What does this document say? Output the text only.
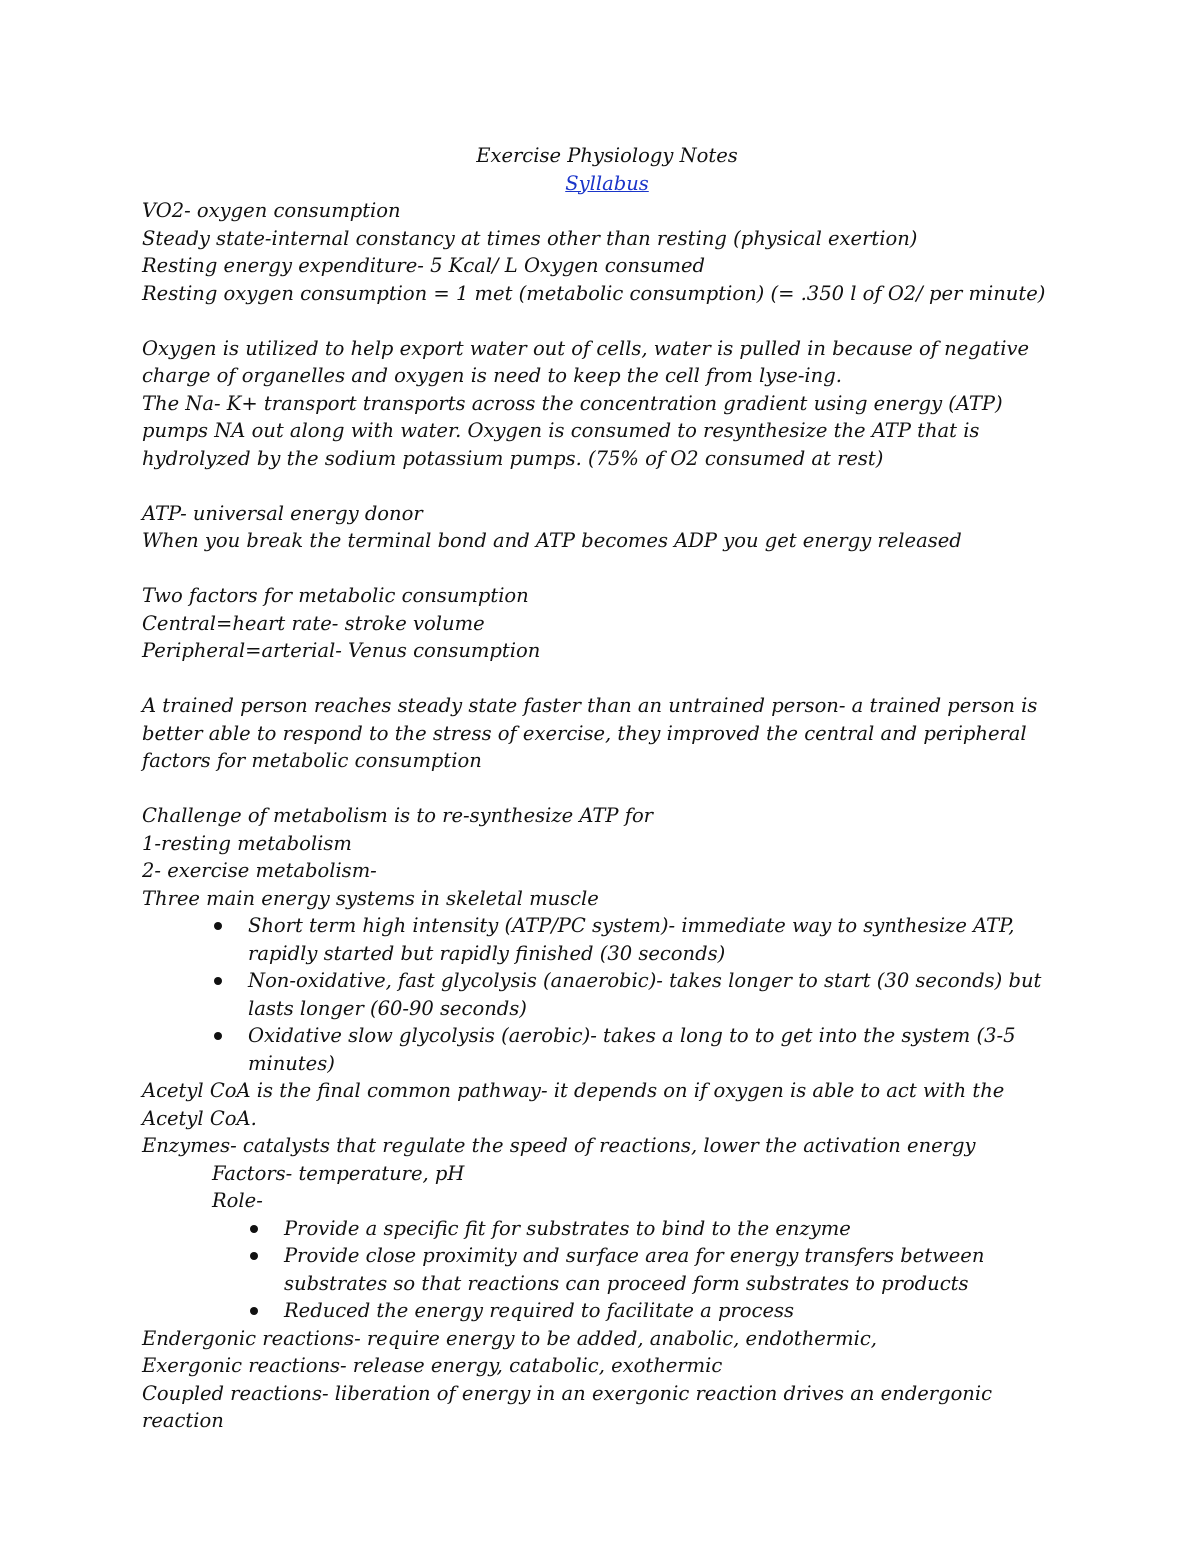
Exercise Physiology Notes

Syllabus

VO2- oxygen consumption

Steady state-internal constancy at times other than resting (physical exertion)

Resting energy expenditure- 5 Kcal/ L Oxygen consumed

Resting oxygen consumption = 1 met (metabolic consumption) (= .350 l of O2/ per minute)

Oxygen is utilized to help export water out of cells, water is pulled in because of negative charge of organelles and oxygen is need to keep the cell from lyse-ing.

The Na- K+ transport transports across the concentration gradient using energy (ATP) pumps NA out along with water. Oxygen is consumed to resynthesize the ATP that is hydrolyzed by the sodium potassium pumps. (75% of O2 consumed at rest)

ATP- universal energy donor

When you break the terminal bond and ATP becomes ADP you get energy released

Two factors for metabolic consumption

Central=heart rate- stroke volume

Peripheral=arterial- Venus consumption

A trained person reaches steady state faster than an untrained person- a trained person is better able to respond to the stress of exercise, they improved the central and peripheral factors for metabolic consumption

Challenge of metabolism is to re-synthesize ATP for

1-resting metabolism

2- exercise metabolism-

Three main energy systems in skeletal muscle

Short term high intensity (ATP/PC system)- immediate way to synthesize ATP, rapidly started but rapidly finished (30 seconds)
Non-oxidative, fast glycolysis (anaerobic)- takes longer to start (30 seconds) but lasts longer (60-90 seconds)
Oxidative slow glycolysis (aerobic)- takes a long to to get into the system (3-5 minutes)

Acetyl CoA is the final common pathway- it depends on if oxygen is able to act with the Acetyl CoA.

Enzymes- catalysts that regulate the speed of reactions, lower the activation energy

Factors- temperature, pH

Role-

Provide a specific fit for substrates to bind to the enzyme
Provide close proximity and surface area for energy transfers between substrates so that reactions can proceed form substrates to products
Reduced the energy required to facilitate a process

Endergonic reactions- require energy to be added, anabolic, endothermic,

Exergonic reactions- release energy, catabolic, exothermic

Coupled reactions- liberation of energy in an exergonic reaction drives an endergonic reaction
